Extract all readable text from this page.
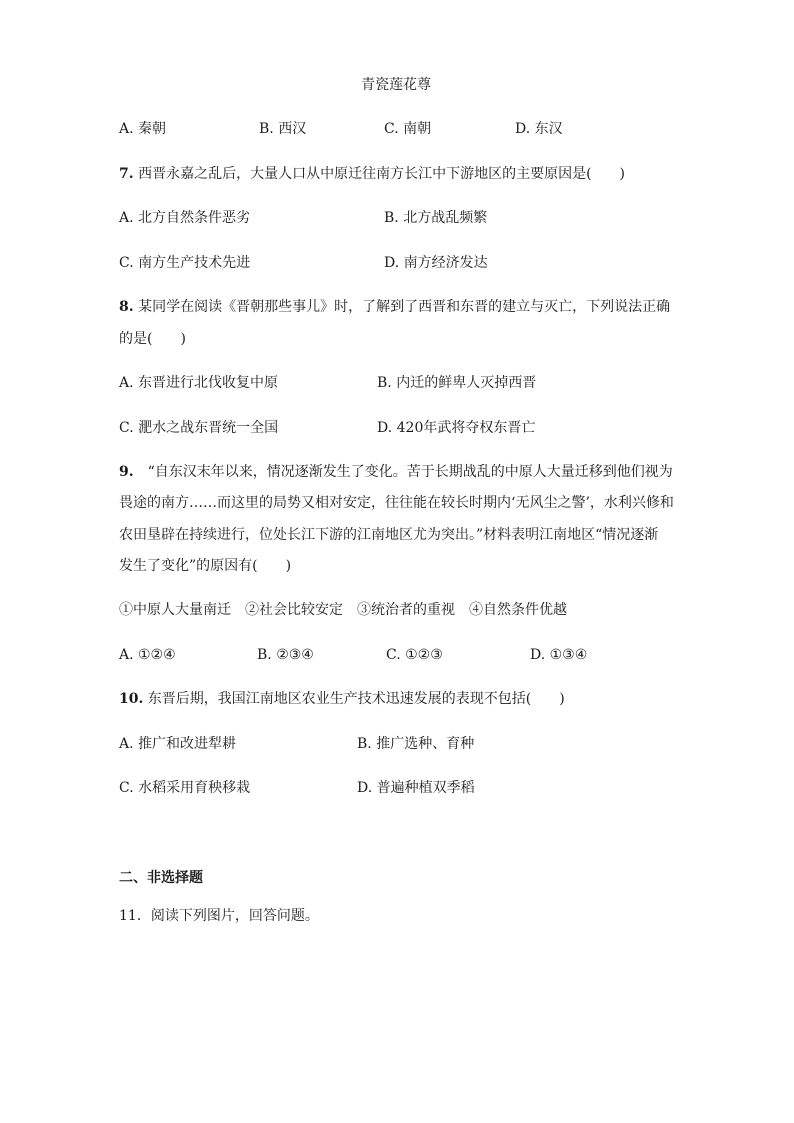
青瓷莲花尊
A. 秦朝	B. 西汉	C. 南朝	D. 东汉
7. 西晋永嘉之乱后，大量人口从中原迁往南方长江中下游地区的主要原因是(　　)
A. 北方自然条件恶劣	B. 北方战乱频繁
C. 南方生产技术先进	D. 南方经济发达
8. 某同学在阅读《晋朝那些事儿》时，了解到了西晋和东晋的建立与灭亡，下列说法正确
的是(　　)
A. 东晋进行北伐收复中原	B. 内迁的鲜卑人灭掉西晋
C. 淝水之战东晋统一全国	D. 420年武将夺权东晋亡
9.　“自东汉末年以来，情况逐渐发生了变化。苦于长期战乱的中原人大量迁移到他们视为
畏途的南方……而这里的局势又相对安定，往往能在较长时期内‘无风尘之警’，水利兴修和
农田垦辟在持续进行，位处长江下游的江南地区尤为突出。”材料表明江南地区“情况逐渐
发生了变化”的原因有(　　)
①中原人大量南迁　②社会比较安定　③统治者的重视　④自然条件优越
A. ①②④	B. ②③④	C. ①②③	D. ①③④
10. 东晋后期，我国江南地区农业生产技术迅速发展的表现不包括(　　)
A. 推广和改进犁耕	B. 推广选种、育种
C. 水稻采用育秧移栽	D. 普遍种植双季稻
二、非选择题
11．阅读下列图片，回答问题。
